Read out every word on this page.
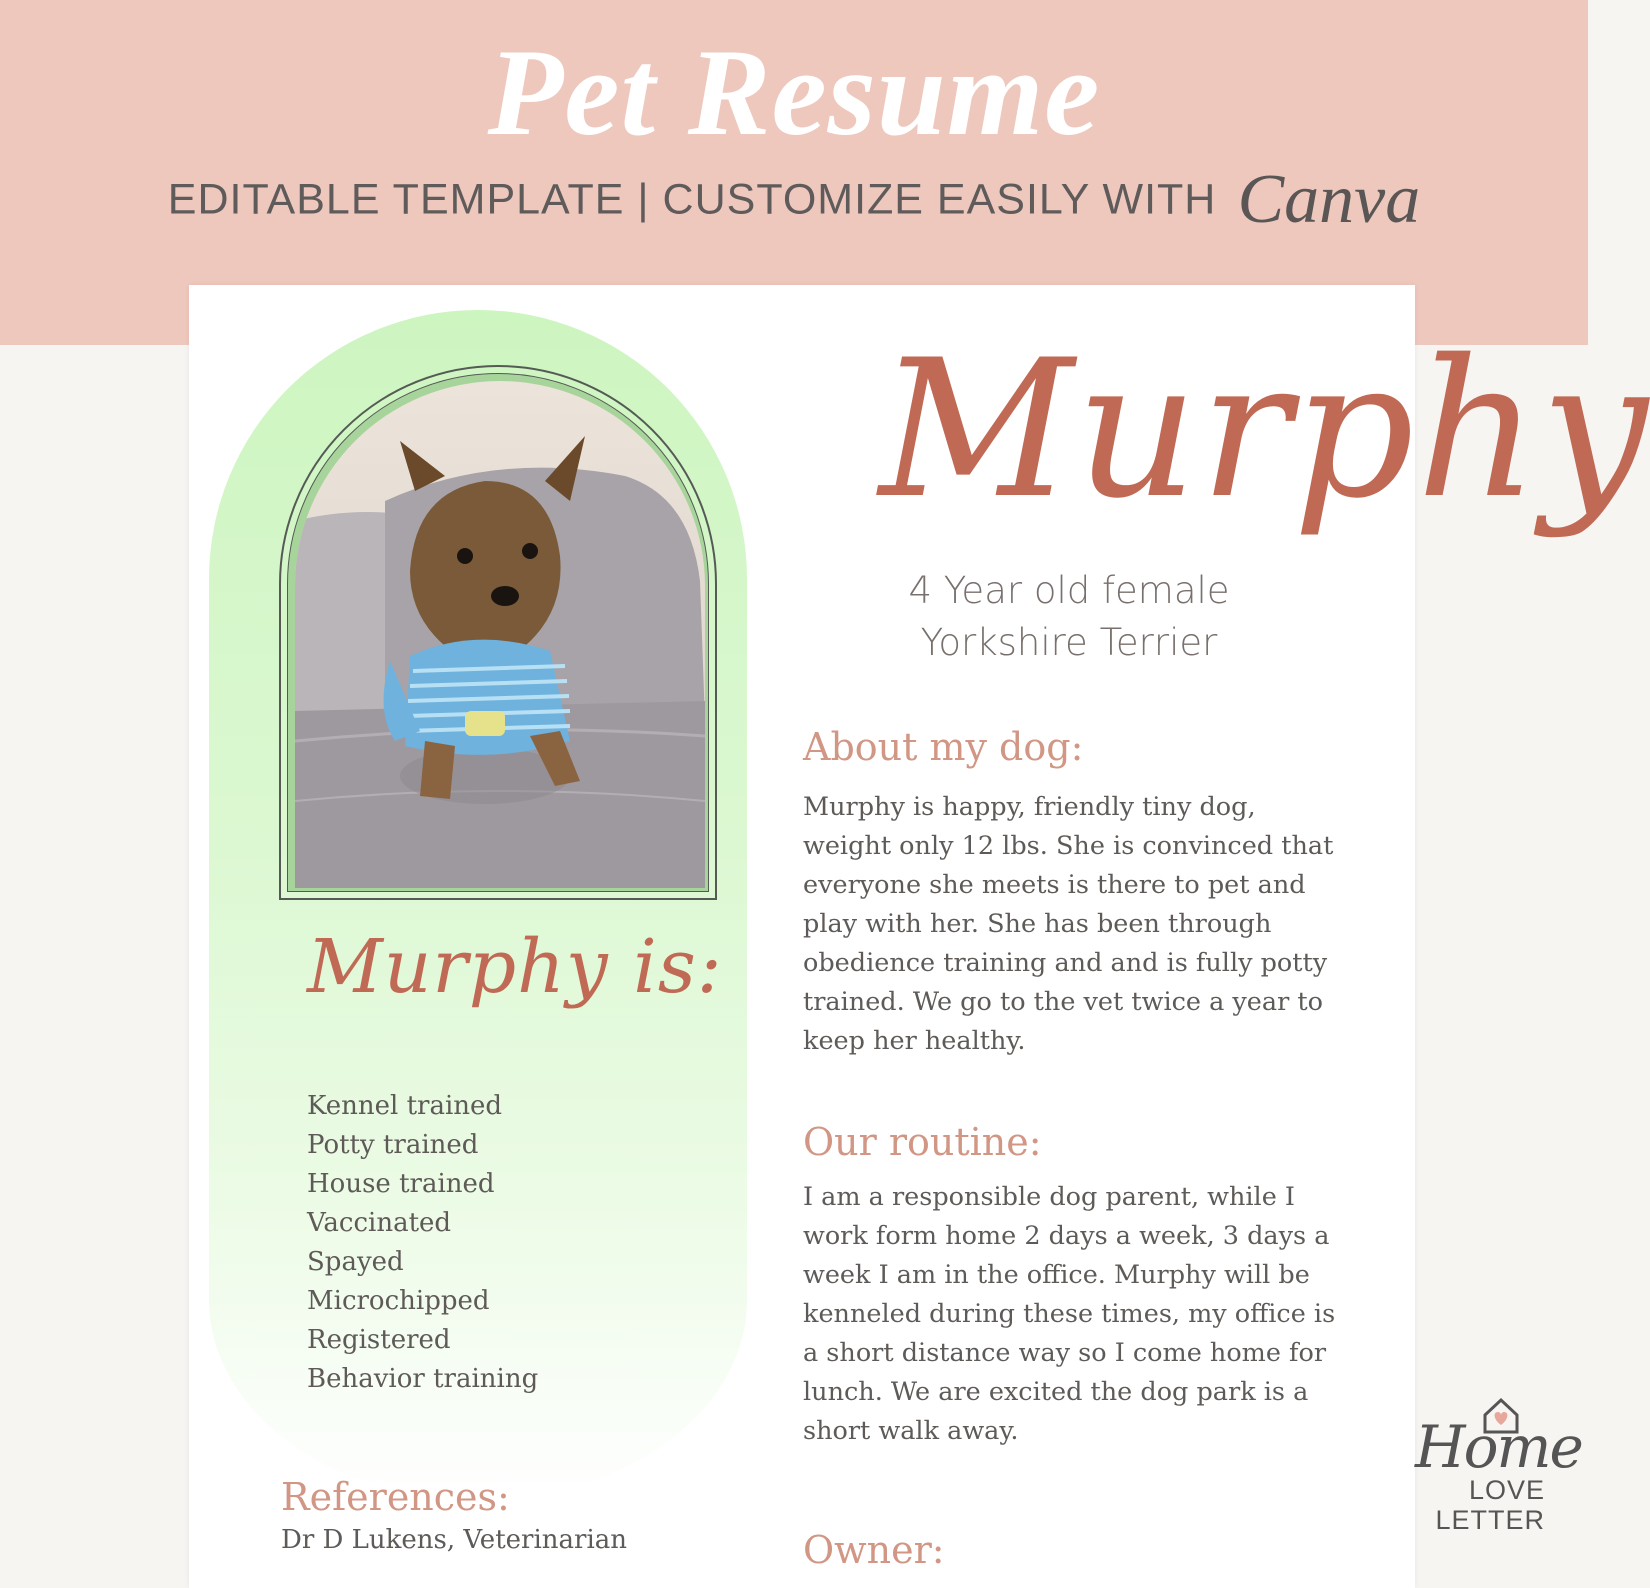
Pet Resume
EDITABLE TEMPLATE | CUSTOMIZE EASILY WITH Canva
Murphy is:
Kennel trained
Potty trained
House trained
Vaccinated
Spayed
Microchipped
Registered
Behavior training
References:
Dr D Lukens, Veterinarian
Murphy
4 Year old female
Yorkshire Terrier
About my dog:

Murphy is happy, friendly tiny dog, weight only 12 lbs. She is convinced that everyone she meets is there to pet and play with her. She has been through obedience training and and is fully potty trained. We go to the vet twice a year to keep her healthy.

Our routine:

I am a responsible dog parent, while I work form home 2 days a week, 3 days a week I am in the office. Murphy will be kenneled during these times, my office is a short distance way so I come home for lunch. We are excited the dog park is a short walk away.

Owner:
Home
LOVE
LETTER
